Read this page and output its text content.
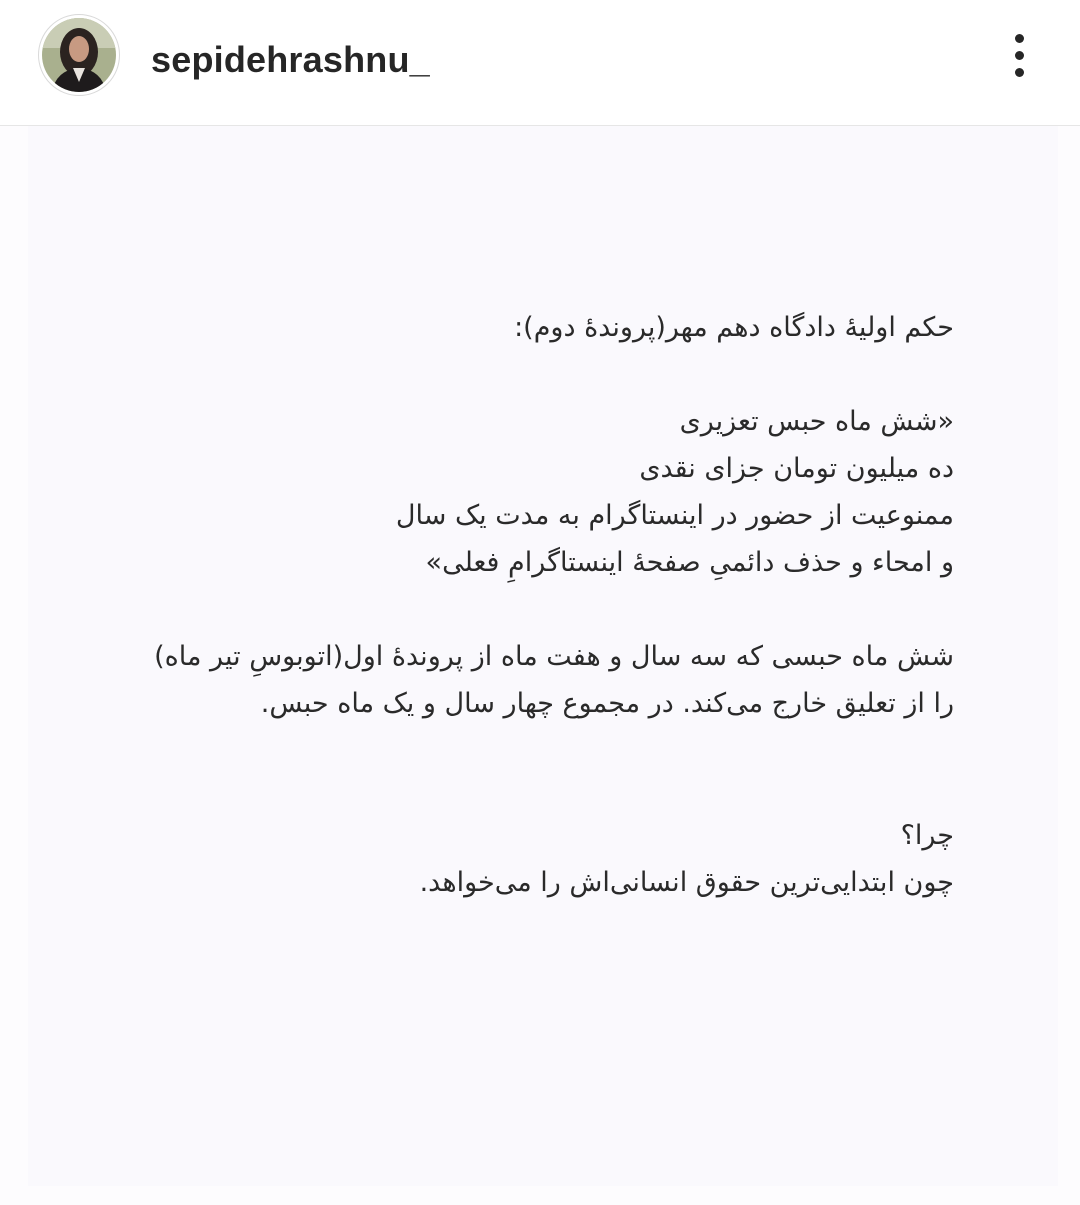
sepidehrashnu_
حکم اولیهٔ دادگاه دهم مهر(پروندهٔ دوم):
«شش ماه حبس تعزیری
ده میلیون تومان جزای نقدی
ممنوعیت از حضور در اینستاگرام به مدت یک سال
و امحاء و حذف دائمیِ صفحهٔ اینستاگرامِ فعلی»
شش ماه حبسی که سه سال و هفت ماه از پروندهٔ اول(اتوبوسِ تیر ماه)
را از تعلیق خارج می‌کند. در مجموع چهار سال و یک ماه حبس.
چرا؟
چون ابتدایی‌ترین حقوق انسانی‌اش را می‌خواهد.
